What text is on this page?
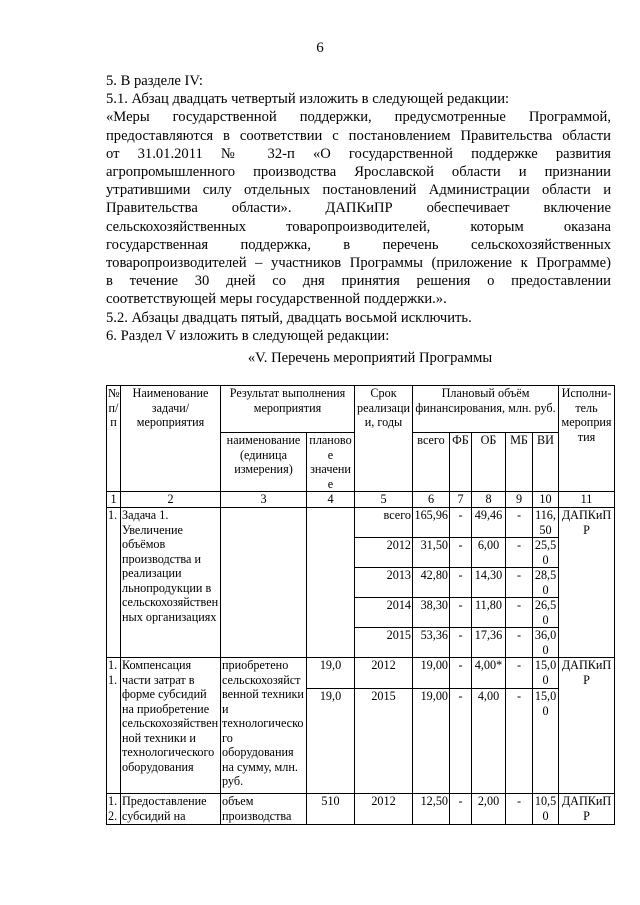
6

5. В разделе IV:

5.1. Абзац двадцать четвертый изложить в следующей редакции:

«Меры государственной поддержки, предусмотренные Программой,

предоставляются в соответствии с постановлением Правительства области

от 31.01.2011 № 32-п «О государственной поддержке развития

агропромышленного производства Ярославской области и признании

утратившими силу отдельных постановлений Администрации области и

Правительства области». ДАПКиПР обеспечивает включение

сельскохозяйственных товаропроизводителей, которым оказана

государственная поддержка, в перечень сельскохозяйственных

товаропроизводителей – участников Программы (приложение к Программе)

в течение 30 дней со дня принятия решения о предоставлении

соответствующей меры государственной поддержки.».

5.2. Абзацы двадцать пятый, двадцать восьмой исключить.

6. Раздел V изложить в следующей редакции:

«V. Перечень мероприятий Программы
№ п/п	Наименование задачи/мероприятия	Результат выполнения мероприятия		Срок реализации, годы	Плановый объём финансирования, млн. руб.					Исполни-тель мероприятия
		наименование (единица измерения)	плановое значение		всего	ФБ	ОБ	МБ	ВИ	
1	2	3	4	5	6	7	8	9	10	11
1.	Задача 1. Увеличение объёмов производства и реализации льнопродукции в сельскохозяйственных организациях			всего	165,96	-	49,46	-	116,50	ДАПКиПР
				2012	31,50	-	6,00	-	25,50	
				2013	42,80	-	14,30	-	28,50	
				2014	38,30	-	11,80	-	26,50	
				2015	53,36	-	17,36	-	36,00	
1.1.	Компенсация части затрат в форме субсидий на приобретение сельскохозяйственной техники и технологического оборудования	приобретено сельскохозяйственной техники и технологического оборудования на сумму, млн. руб.	19,0	2012	19,00	-	4,00*	-	15,00	ДАПКиПР
			19,0	2015	19,00	-	4,00	-	15,00	
1.2.	Предоставление субсидий на	объем производства	510	2012	12,50	-	2,00	-	10,50	ДАПКиПР
